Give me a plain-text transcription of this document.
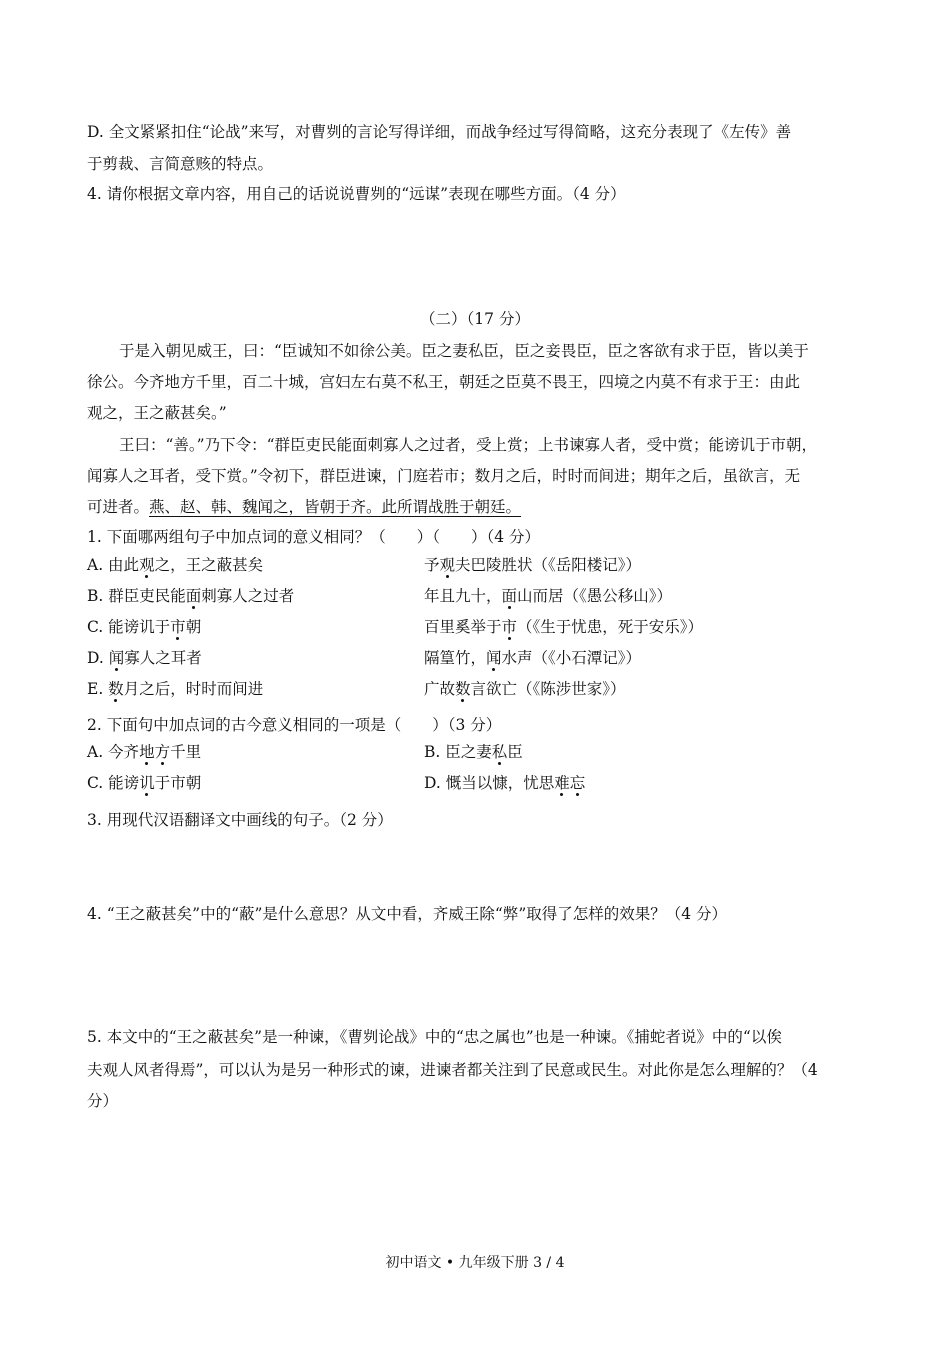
D. 全文紧紧扣住“论战”来写，对曹刿的言论写得详细，而战争经过写得简略，这充分表现了《左传》善
于剪裁、言简意赅的特点。
4. 请你根据文章内容，用自己的话说说曹刿的“远谋”表现在哪些方面。（4 分）
（二）（17 分）
于是入朝见威王，曰：“臣诚知不如徐公美。臣之妻私臣，臣之妾畏臣，臣之客欲有求于臣，皆以美于
徐公。今齐地方千里，百二十城，宫妇左右莫不私王，朝廷之臣莫不畏王，四境之内莫不有求于王：由此
观之，王之蔽甚矣。”
王曰：“善。”乃下令：“群臣吏民能面刺寡人之过者，受上赏；上书谏寡人者，受中赏；能谤讥于市朝，
闻寡人之耳者，受下赏。”令初下，群臣进谏，门庭若市；数月之后，时时而间进；期年之后，虽欲言，无
可进者。燕、赵、韩、魏闻之，皆朝于齐。此所谓战胜于朝廷。
1. 下面哪两组句子中加点词的意义相同？（　　）（　　）（4 分）
A. 由此观之，王之蔽甚矣	予观夫巴陵胜状（《岳阳楼记》）
B. 群臣吏民能面刺寡人之过者	年且九十，面山而居（《愚公移山》）
C. 能谤讥于市朝	百里奚举于市（《生于忧患，死于安乐》）
D. 闻寡人之耳者	隔篁竹，闻水声（《小石潭记》）
E. 数月之后，时时而间进	广故数言欲亡（《陈涉世家》）
2. 下面句中加点词的古今意义相同的一项是（　　）（3 分）
A. 今齐地方千里	B. 臣之妻私臣
C. 能谤讥于市朝	D. 慨当以慷，忧思难忘
3. 用现代汉语翻译文中画线的句子。（2 分）
4. “王之蔽甚矣”中的“蔽”是什么意思？从文中看，齐威王除“弊”取得了怎样的效果？（4 分）
5. 本文中的“王之蔽甚矣”是一种谏，《曹刿论战》中的“忠之属也”也是一种谏。《捕蛇者说》中的“以俟
夫观人风者得焉”，可以认为是另一种形式的谏，进谏者都关注到了民意或民生。对此你是怎么理解的？（4
分）
初中语文 • 九年级下册 3 / 4
